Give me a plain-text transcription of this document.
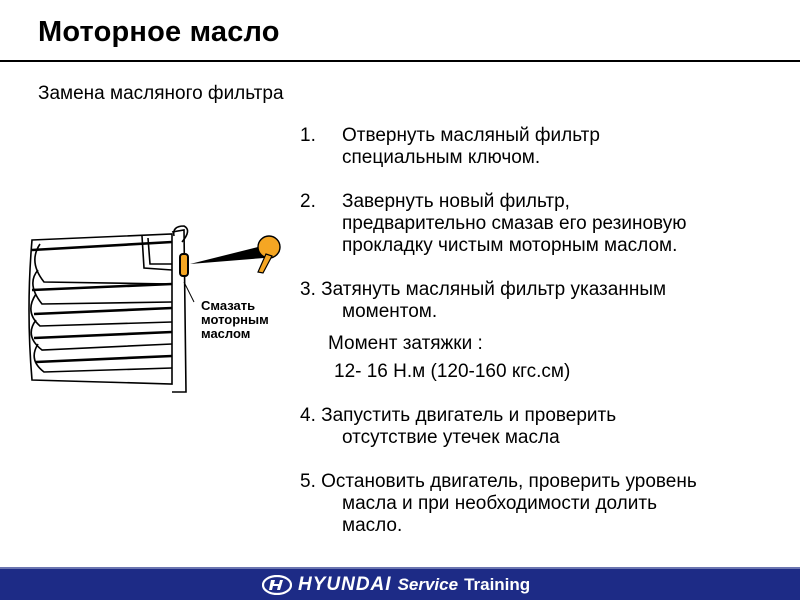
Моторное масло
Замена масляного фильтра
Смазать
моторным
маслом
1. Отвернуть масляный фильтр
специальным ключом.
2. Завернуть новый фильтр,
предварительно смазав его резиновую
прокладку чистым моторным маслом.
3. Затянуть масляный фильтр указанным
моментом.
Момент затяжки :
12- 16 Н.м (120-160 кгс.см)
4. Запустить двигатель и проверить
отсутствие утечек масла
5. Остановить двигатель, проверить уровень
масла и при необходимости долить
масло.
HYUNDAI Service Training
